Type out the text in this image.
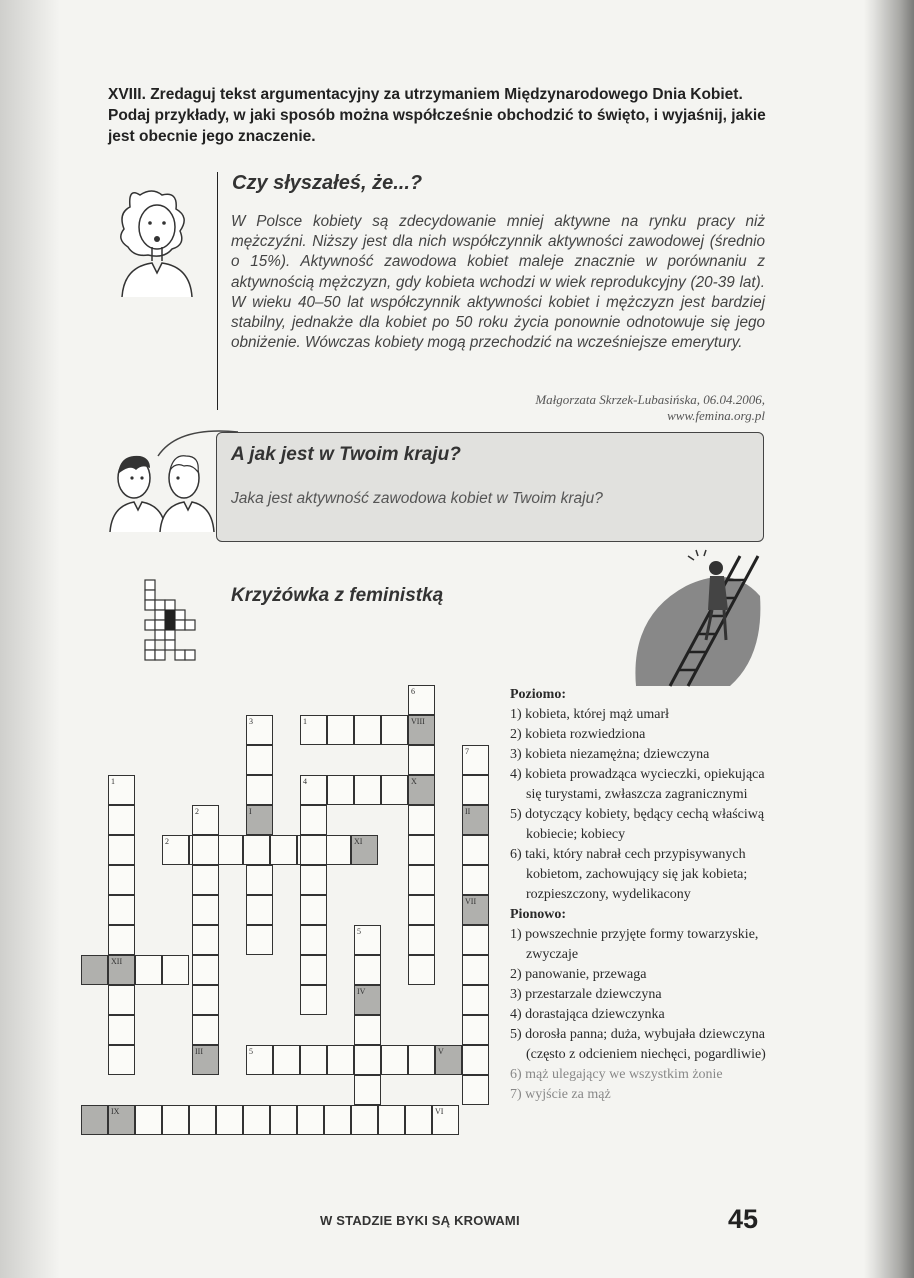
XVIII. Zredaguj tekst argumentacyjny za utrzymaniem Międzynarodowego Dnia Kobiet. Podaj przykłady, w jaki sposób można współcześnie obchodzić to święto, i wyjaśnij, jakie jest obecnie jego znaczenie.
Czy słyszałeś, że...?
W Polsce kobiety są zdecydowanie mniej aktywne na rynku pracy niż mężczyźni. Niższy jest dla nich współczynnik aktywności zawodowej (średnio o 15%). Aktywność zawodowa kobiet maleje znacznie w porównaniu z aktywnością mężczyzn, gdy kobieta wchodzi w wiek reprodukcyjny (20-39 lat). W wieku 40–50 lat współczynnik aktywności kobiet i mężczyzn jest bardziej stabilny, jednakże dla kobiet po 50 roku życia ponownie odnotowuje się jego obniżenie. Wówczas kobiety mogą przechodzić na wcześniejsze emerytury.
Małgorzata Skrzek-Lubasińska, 06.04.2006, www.femina.org.pl
A jak jest w Twoim kraju?
Jaka jest aktywność zawodowa kobiet w Twoim kraju?
Krzyżówka z feministką
6
VIII
X
1
3
I
7
II
VII
4
1
XII
2	XI
2
III
5
IV
5	V
IX	VI
Poziomo:
1) kobieta, której mąż umarł
2) kobieta rozwiedziona
3) kobieta niezamężna; dziewczyna
4) kobieta prowadząca wycieczki, opiekująca się turystami, zwłaszcza zagranicznymi
5) dotyczący kobiety, będący cechą właściwą kobiecie; kobiecy
6) taki, który nabrał cech przypisywanych kobietom, zachowujący się jak kobieta; rozpieszczony, wydelikacony
Pionowo:
1) powszechnie przyjęte formy towarzyskie, zwyczaje
2) panowanie, przewaga
3) przestarzale dziewczyna
4) dorastająca dziewczynka
5) dorosła panna; duża, wybujała dziewczyna (często z odcieniem niechęci, pogardliwie)
6) mąż ulegający we wszystkim żonie
7) wyjście za mąż
W STADZIE BYKI SĄ KROWAMI	45
